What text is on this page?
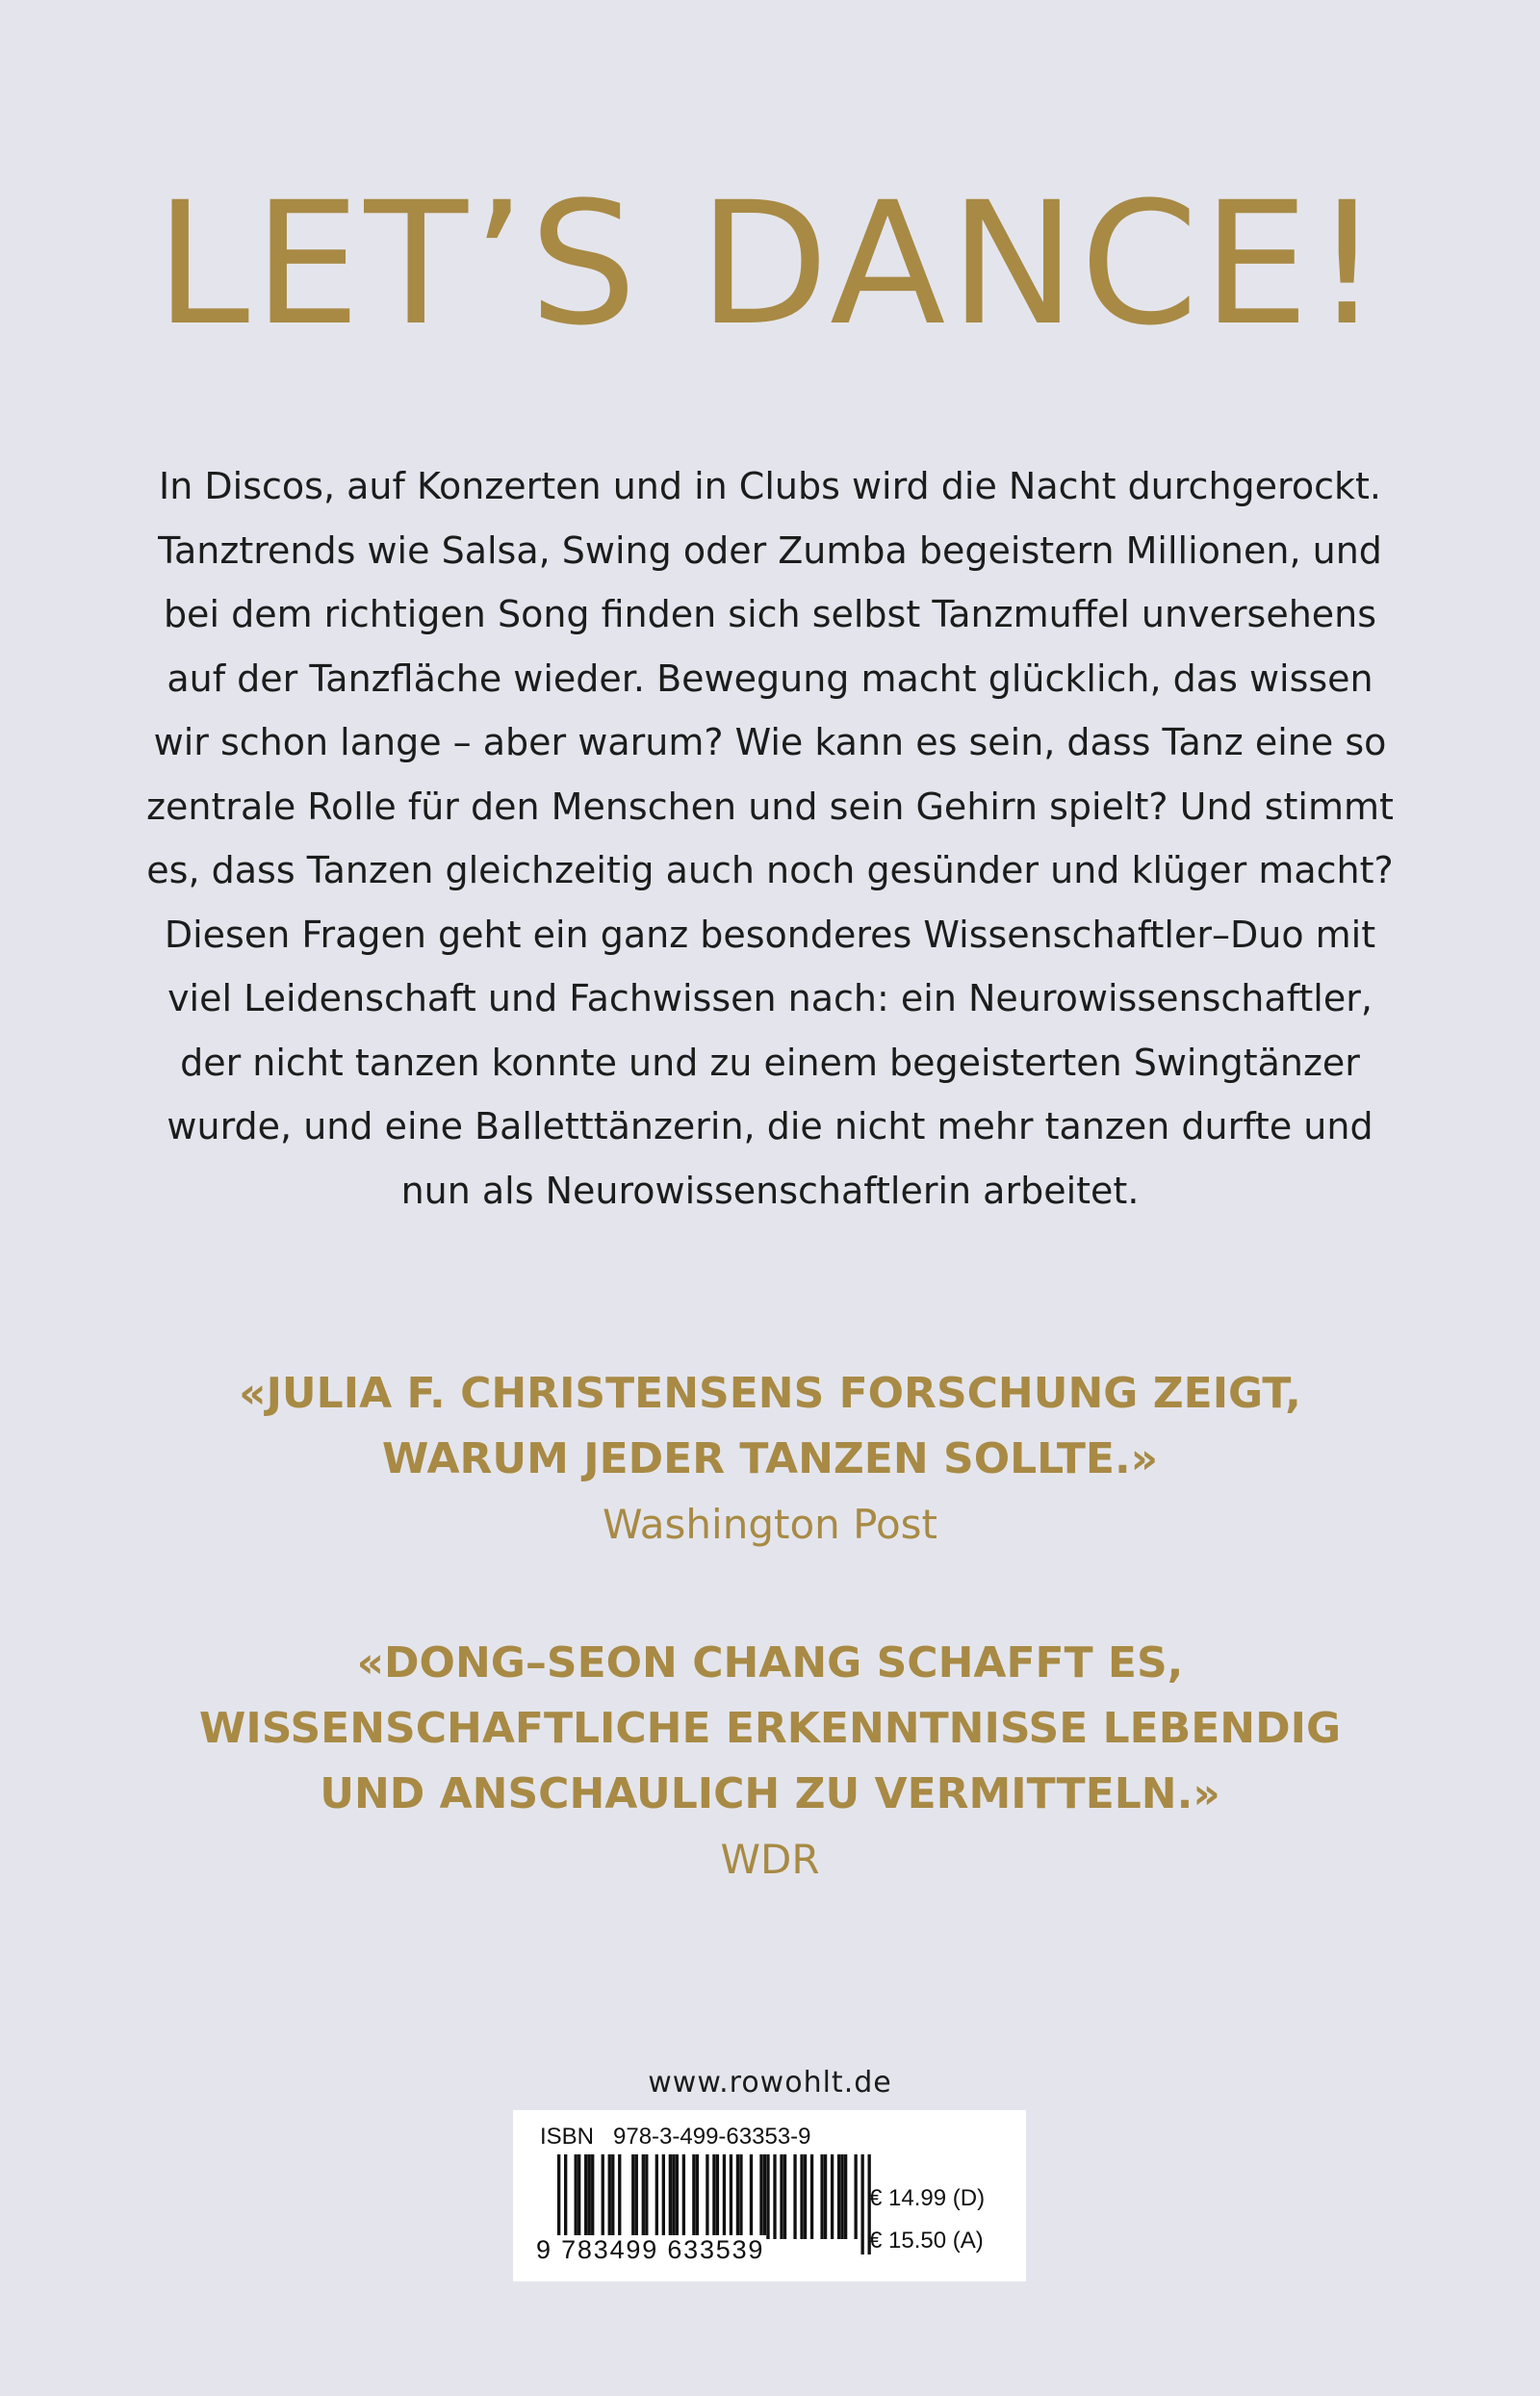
LET’S DANCE!

In Discos, auf Konzerten und in Clubs wird die Nacht durchgerockt.
Tanztrends wie Salsa, Swing oder Zumba begeistern Millionen, und
bei dem richtigen Song finden sich selbst Tanzmuffel unversehens
auf der Tanzfläche wieder. Bewegung macht glücklich, das wissen
wir schon lange – aber warum? Wie kann es sein, dass Tanz eine so
zentrale Rolle für den Menschen und sein Gehirn spielt? Und stimmt
es, dass Tanzen gleichzeitig auch noch gesünder und klüger macht?
Diesen Fragen geht ein ganz besonderes Wissenschaftler–Duo mit
viel Leidenschaft und Fachwissen nach: ein Neurowissenschaftler,
der nicht tanzen konnte und zu einem begeisterten Swingtänzer
wurde, und eine Balletttänzerin, die nicht mehr tanzen durfte und
nun als Neurowissenschaftlerin arbeitet.

«JULIA F. CHRISTENSENS FORSCHUNG ZEIGT,
WARUM JEDER TANZEN SOLLTE.»
Washington Post
«DONG–SEON CHANG SCHAFFT ES,
WISSENSCHAFTLICHE ERKENNTNISSE LEBENDIG
UND ANSCHAULICH ZU VERMITTELN.»
WDR
www.rowohlt.de
ISBN 978-3-499-63353-9
9 783499 633539
€ 14.99 (D)
€ 15.50 (A)
